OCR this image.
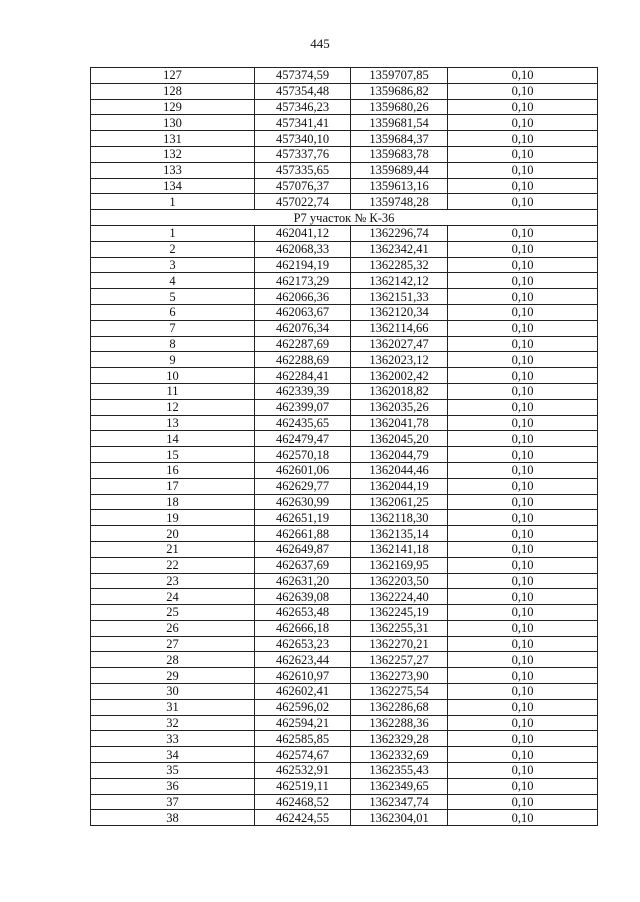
445
127	457374,59	1359707,85	0,10
128	457354,48	1359686,82	0,10
129	457346,23	1359680,26	0,10
130	457341,41	1359681,54	0,10
131	457340,10	1359684,37	0,10
132	457337,76	1359683,78	0,10
133	457335,65	1359689,44	0,10
134	457076,37	1359613,16	0,10
1	457022,74	1359748,28	0,10
Р7 участок № К-36			
1	462041,12	1362296,74	0,10
2	462068,33	1362342,41	0,10
3	462194,19	1362285,32	0,10
4	462173,29	1362142,12	0,10
5	462066,36	1362151,33	0,10
6	462063,67	1362120,34	0,10
7	462076,34	1362114,66	0,10
8	462287,69	1362027,47	0,10
9	462288,69	1362023,12	0,10
10	462284,41	1362002,42	0,10
11	462339,39	1362018,82	0,10
12	462399,07	1362035,26	0,10
13	462435,65	1362041,78	0,10
14	462479,47	1362045,20	0,10
15	462570,18	1362044,79	0,10
16	462601,06	1362044,46	0,10
17	462629,77	1362044,19	0,10
18	462630,99	1362061,25	0,10
19	462651,19	1362118,30	0,10
20	462661,88	1362135,14	0,10
21	462649,87	1362141,18	0,10
22	462637,69	1362169,95	0,10
23	462631,20	1362203,50	0,10
24	462639,08	1362224,40	0,10
25	462653,48	1362245,19	0,10
26	462666,18	1362255,31	0,10
27	462653,23	1362270,21	0,10
28	462623,44	1362257,27	0,10
29	462610,97	1362273,90	0,10
30	462602,41	1362275,54	0,10
31	462596,02	1362286,68	0,10
32	462594,21	1362288,36	0,10
33	462585,85	1362329,28	0,10
34	462574,67	1362332,69	0,10
35	462532,91	1362355,43	0,10
36	462519,11	1362349,65	0,10
37	462468,52	1362347,74	0,10
38	462424,55	1362304,01	0,10
